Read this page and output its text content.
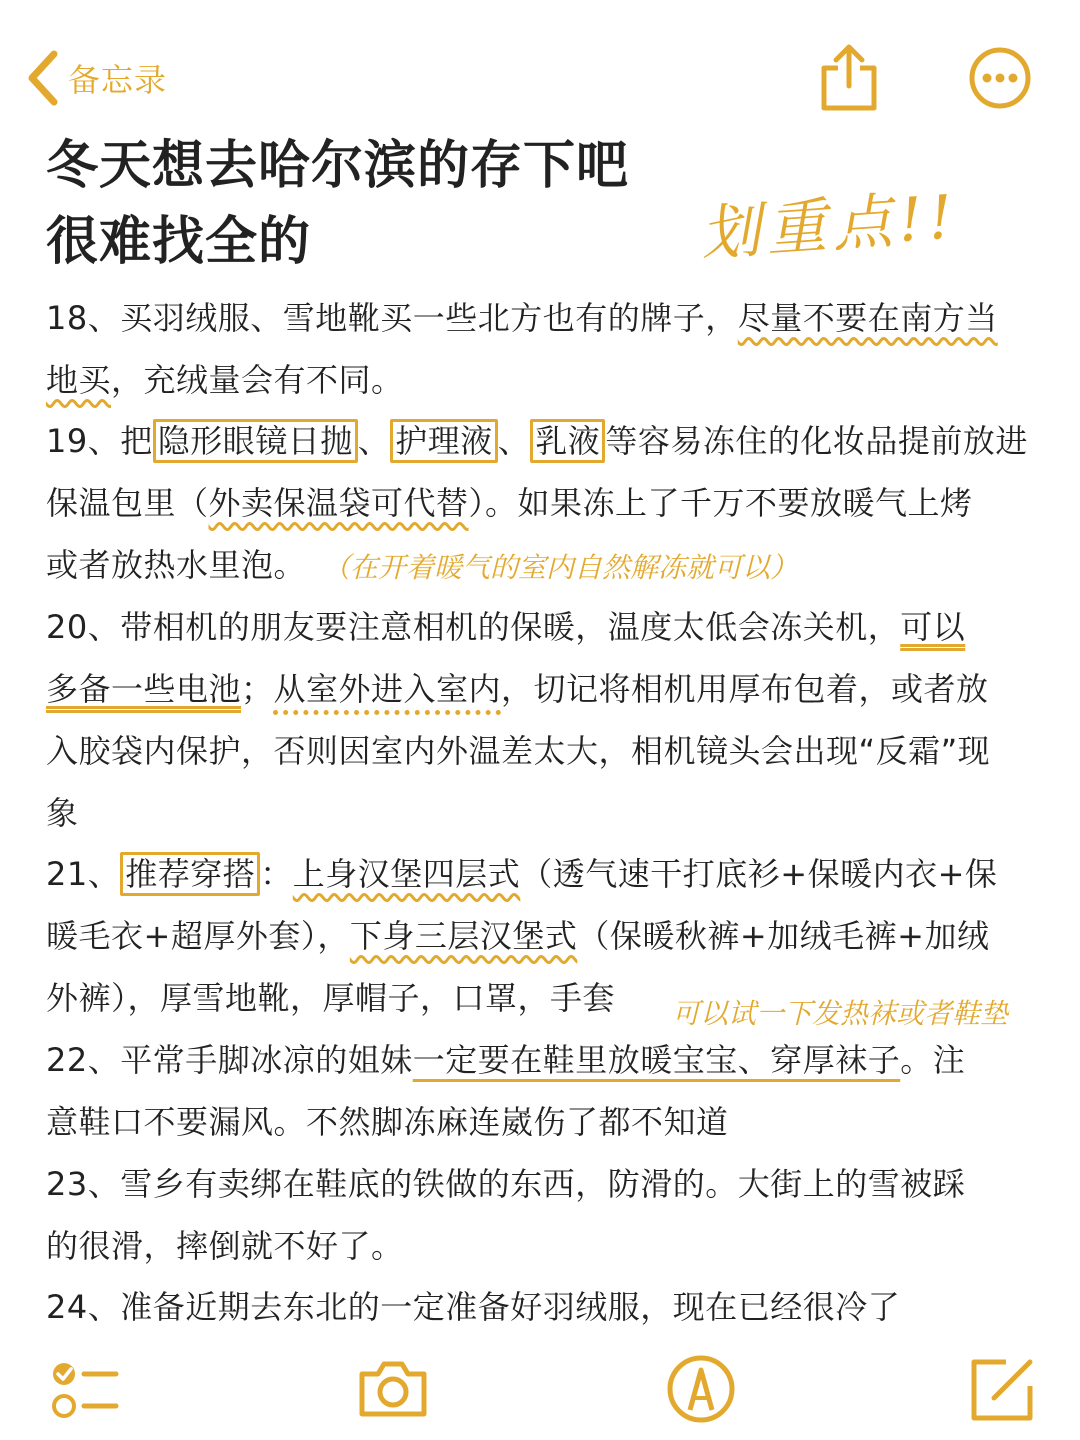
备忘录
冬天想去哈尔滨的存下吧
很难找全的	划重点!!
18、买羽绒服、雪地靴买一些北方也有的牌子，尽量不要在南方当
地买，充绒量会有不同。
19、把 隐形眼镜日抛 、 护理液 、 乳液 等容易冻住的化妆品提前放进
保温包里（外卖保温袋可代替）。如果冻上了千万不要放暖气上烤
或者放热水里泡。 （在开着暖气的室内自然解冻就可以）
20、带相机的朋友要注意相机的保暖，温度太低会冻关机，可以
多备一些电池；从室外进入室内，切记将相机用厚布包着，或者放
入胶袋内保护，否则因室内外温差太大，相机镜头会出现“反霜”现
象
21、 推荐穿搭 ：上身汉堡四层式（透气速干打底衫+保暖内衣+保
暖毛衣+超厚外套），下身三层汉堡式（保暖秋裤+加绒毛裤+加绒
外裤），厚雪地靴，厚帽子，口罩，手套 可以试一下发热袜或者鞋垫
22、平常手脚冰凉的姐妹一定要在鞋里放暖宝宝、穿厚袜子。注
意鞋口不要漏风。不然脚冻麻连崴伤了都不知道
23、雪乡有卖绑在鞋底的铁做的东西，防滑的。大街上的雪被踩
的很滑，摔倒就不好了。
24、准备近期去东北的一定准备好羽绒服，现在已经很冷了
